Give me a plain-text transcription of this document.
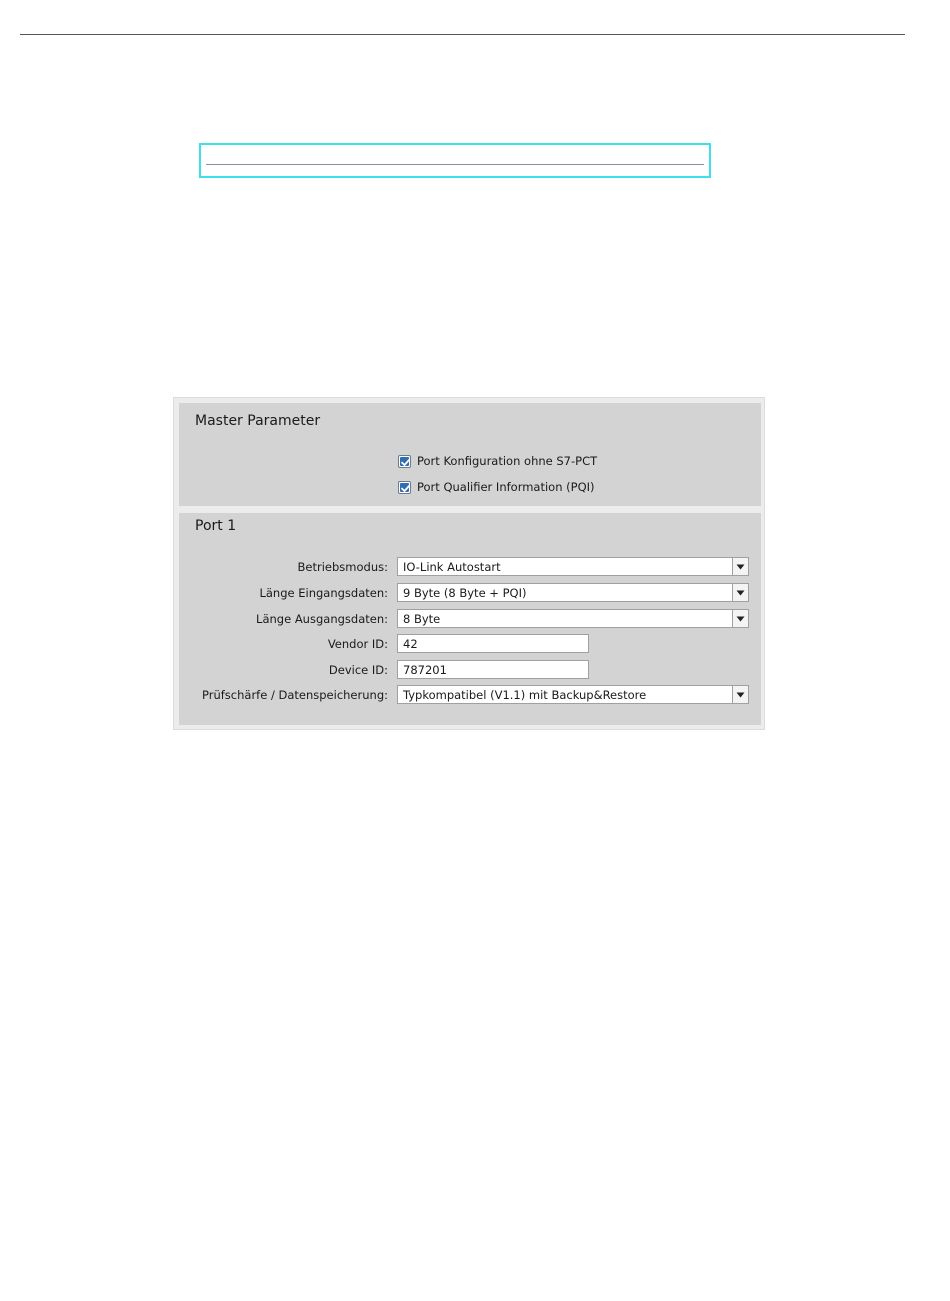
Master Parameter
Port Konfiguration ohne S7-PCT
Port Qualifier Information (PQI)
Port 1
Betriebsmodus: IO-Link Autostart
Länge Eingangsdaten: 9 Byte (8 Byte + PQI)
Länge Ausgangsdaten: 8 Byte
Vendor ID: 42
Device ID: 787201
Prüfschärfe / Datenspeicherung: Typkompatibel (V1.1) mit Backup&Restore
